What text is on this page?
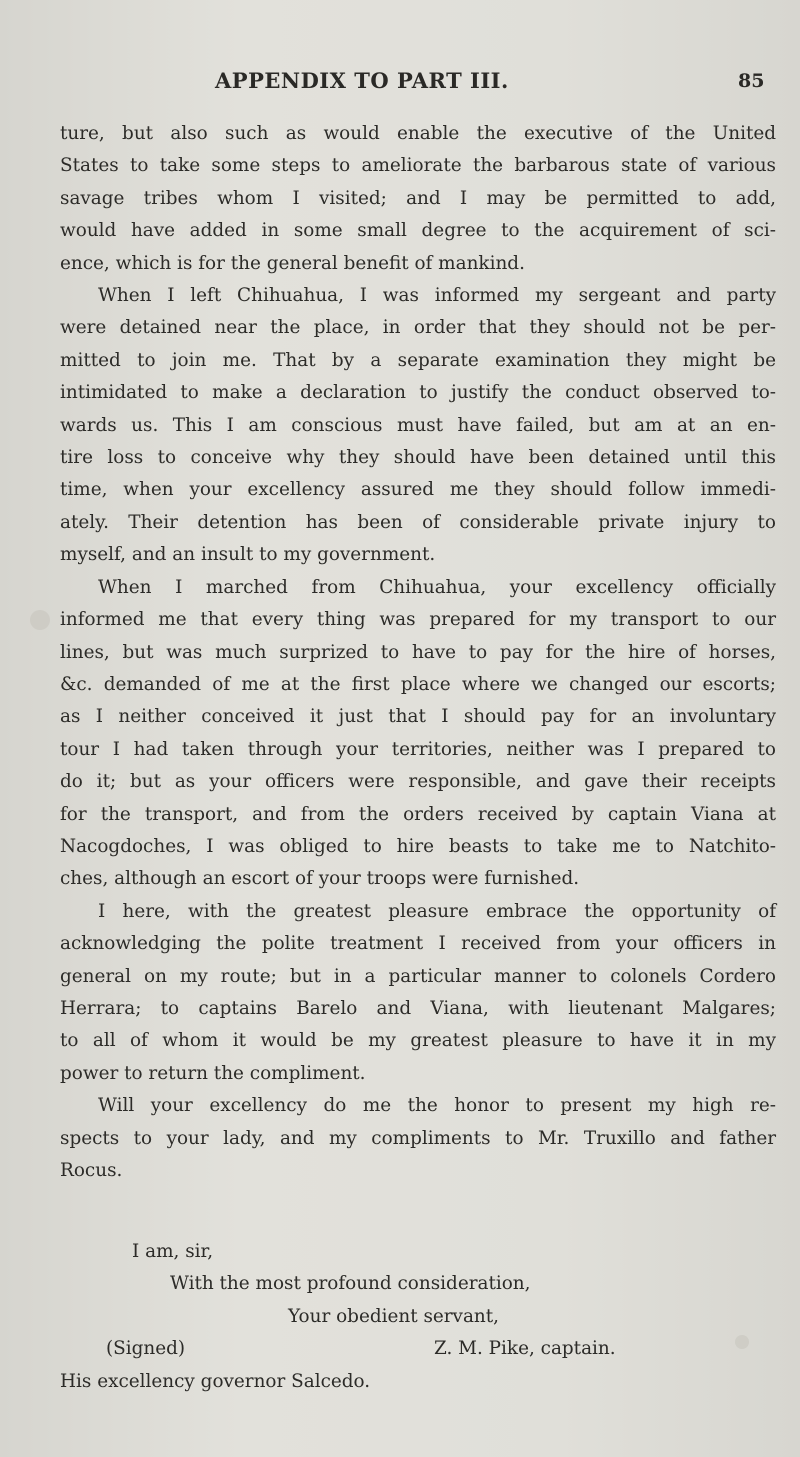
APPENDIX TO PART III.	85
ture, but also such as would enable the executive of the United
States to take some steps to ameliorate the barbarous state of various
savage tribes whom I visited; and I may be permitted to add,
would have added in some small degree to the acquirement of sci-
ence, which is for the general benefit of mankind.
When I left Chihuahua, I was informed my sergeant and party
were detained near the place, in order that they should not be per-
mitted to join me. That by a separate examination they might be
intimidated to make a declaration to justify the conduct observed to-
wards us. This I am conscious must have failed, but am at an en-
tire loss to conceive why they should have been detained until this
time, when your excellency assured me they should follow immedi-
ately. Their detention has been of considerable private injury to
myself, and an insult to my government.
When I marched from Chihuahua, your excellency officially
informed me that every thing was prepared for my transport to our
lines, but was much surprized to have to pay for the hire of horses,
&c. demanded of me at the first place where we changed our escorts;
as I neither conceived it just that I should pay for an involuntary
tour I had taken through your territories, neither was I prepared to
do it; but as your officers were responsible, and gave their receipts
for the transport, and from the orders received by captain Viana at
Nacogdoches, I was obliged to hire beasts to take me to Natchito-
ches, although an escort of your troops were furnished.
I here, with the greatest pleasure embrace the opportunity of
acknowledging the polite treatment I received from your officers in
general on my route; but in a particular manner to colonels Cordero
Herrara; to captains Barelo and Viana, with lieutenant Malgares;
to all of whom it would be my greatest pleasure to have it in my
power to return the compliment.
Will your excellency do me the honor to present my high re-
spects to your lady, and my compliments to Mr. Truxillo and father
Rocus.
I am, sir,
With the most profound consideration,
Your obedient servant,
(Signed)	Z. M. Pike, captain.
His excellency governor Salcedo.
